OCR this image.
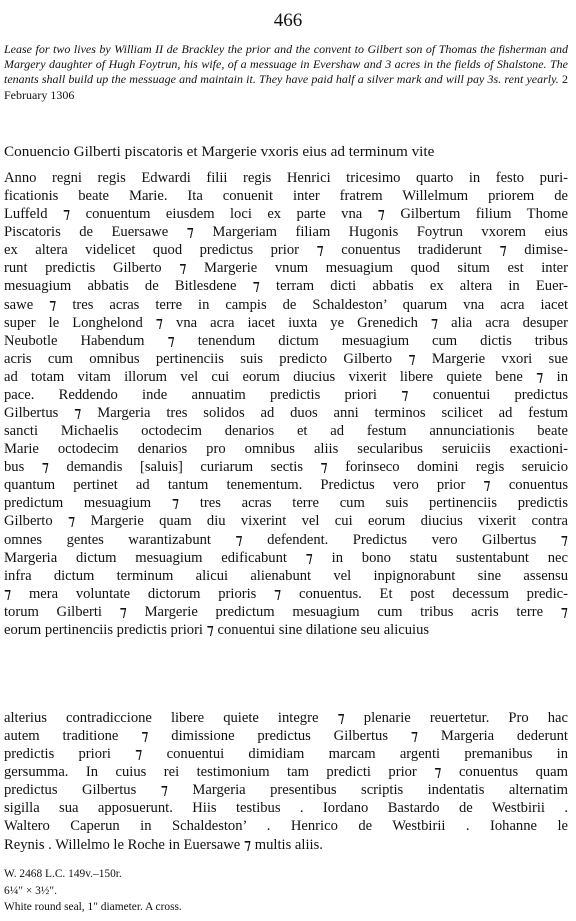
466
Lease for two lives by William II de Brackley the prior and the convent to Gilbert son of Thomas the fisherman and Margery daughter of Hugh Foytrun, his wife, of a messuage in Evershaw and 3 acres in the fields of Shalstone. The tenants shall build up the messuage and maintain it. They have paid half a silver mark and will pay 3s. rent yearly. 2 February 1306
Conuencio Gilberti piscatoris et Margerie vxoris eius ad terminum vite
Anno regni regis Edwardi filii regis Henrici tricesimo quarto in festo puri-
ficationis beate Marie. Ita conuenit inter fratrem Willelmum priorem de
Luffeld ⁊ conuentum eiusdem loci ex parte vna ⁊ Gilbertum filium Thome
Piscatoris de Euersawe ⁊ Margeriam filiam Hugonis Foytrun vxorem eius
ex altera videlicet quod predictus prior ⁊ conuentus tradiderunt ⁊ dimise-
runt predictis Gilberto ⁊ Margerie vnum mesuagium quod situm est inter
mesuagium abbatis de Bitlesdene ⁊ terram dicti abbatis ex altera in Euer-
sawe ⁊ tres acras terre in campis de Schaldeston’ quarum vna acra iacet
super le Longhelond ⁊ vna acra iacet iuxta ye Grenedich ⁊ alia acra desuper
Neubotle Habendum ⁊ tenendum dictum mesuagium cum dictis tribus
acris cum omnibus pertinenciis suis predicto Gilberto ⁊ Margerie vxori sue
ad totam vitam illorum vel cui eorum diucius vixerit libere quiete bene ⁊ in
pace. Reddendo inde annuatim predictis priori ⁊ conuentui predictus
Gilbertus ⁊ Margeria tres solidos ad duos anni terminos scilicet ad festum
sancti Michaelis octodecim denarios et ad festum annunciationis beate
Marie octodecim denarios pro omnibus aliis secularibus seruiciis exactioni-
bus ⁊ demandis [saluis] curiarum sectis ⁊ forinseco domini regis seruicio
quantum pertinet ad tantum tenementum. Predictus vero prior ⁊ conuentus
predictum mesuagium ⁊ tres acras terre cum suis pertinenciis predictis
Gilberto ⁊ Margerie quam diu vixerint vel cui eorum diucius vixerit contra
omnes gentes warantizabunt ⁊ defendent. Predictus vero Gilbertus ⁊
Margeria dictum mesuagium edificabunt ⁊ in bono statu sustentabunt nec
infra dictum terminum alicui alienabunt vel inpignorabunt sine assensu
⁊ mera voluntate dictorum prioris ⁊ conuentus. Et post decessum predic-
torum Gilberti ⁊ Margerie predictum mesuagium cum tribus acris terre ⁊
eorum pertinenciis predictis priori ⁊ conuentui sine dilatione seu alicuius
alterius contradiccione libere quiete integre ⁊ plenarie reuertetur. Pro hac
autem traditione ⁊ dimissione predictus Gilbertus ⁊ Margeria dederunt
predictis priori ⁊ conuentui dimidiam marcam argenti premanibus in
gersumma. In cuius rei testimonium tam predicti prior ⁊ conuentus quam
predictus Gilbertus ⁊ Margeria presentibus scriptis indentatis alternatim
sigilla sua apposuerunt. Hiis testibus . Iordano Bastardo de Westbirii .
Waltero Caperun in Schaldeston’ . Henrico de Westbirii . Iohanne le
Reynis . Willelmo le Roche in Euersawe ⁊ multis aliis.
W. 2468 L.C. 149v.–150r.
6¼″ × 3½″.
White round seal, 1″ diameter. A cross.
